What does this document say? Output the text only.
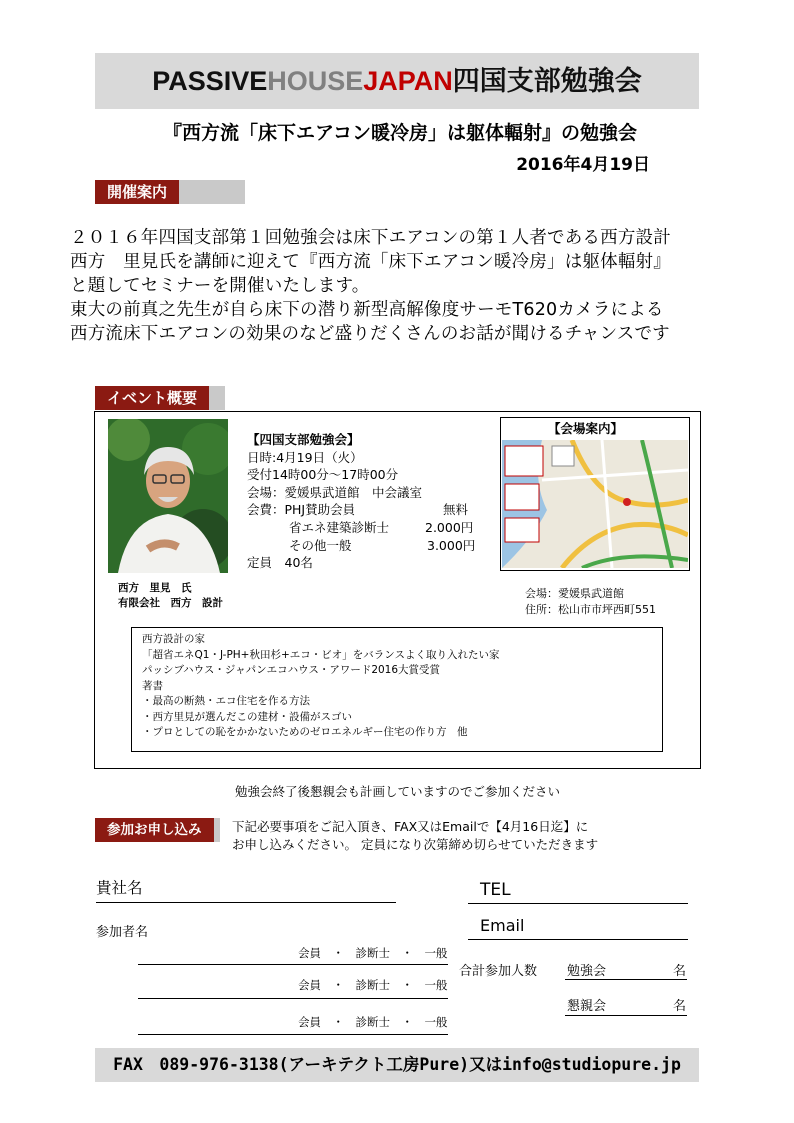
PASSIVEHOUSEJAPAN四国支部勉強会
『西方流「床下エアコン暖冷房」は躯体輻射』の勉強会
2016年4月19日
開催案内
２０１６年四国支部第１回勉強会は床下エアコンの第１人者である西方設計
西方　里見氏を講師に迎えて『西方流「床下エアコン暖冷房」は躯体輻射』
と題してセミナーを開催いたします。
東大の前真之先生が自ら床下の潜り新型高解像度サーモT620カメラによる
西方流床下エアコンの効果のなど盛りだくさんのお話が聞けるチャンスです
イベント概要
西方　里見　氏
有限会社　西方　設計
【四国支部勉強会】
日時:4月19日（火）
受付14時00分～17時00分
会場：愛媛県武道館　中会議室
会費：PHJ賛助会員	無料
省エネ建築診断士	2.000円
その他一般	3.000円
定員　40名
【会場案内】
会場：愛媛県武道館
住所：松山市市坪西町551
西方設計の家
「超省エネQ1・J-PH+秋田杉+エコ・ビオ」をバランスよく取り入れたい家
パッシブハウス・ジャパンエコハウス・アワード2016大賞受賞
著書
・最高の断熱・エコ住宅を作る方法
・西方里見が選んだこの建材・設備がスゴい
・プロとしての恥をかかないためのゼロエネルギー住宅の作り方　他
勉強会終了後懇親会も計画していますのでご参加ください
参加お申し込み	下記必要事項をご記入頂き、FAX又はEmailで【4月16日迄】に
お申し込みください。 定員になり次第締め切らせていただきます
貴社名	TEL
Email
参加者名
会員　・　診断士　・　一般
会員　・　診断士　・　一般
会員　・　診断士　・　一般
合計参加人数 勉強会	名
懇親会	名
FAX　089-976-3138(アーキテクト工房Pure)又はinfo@studiopure.jp
